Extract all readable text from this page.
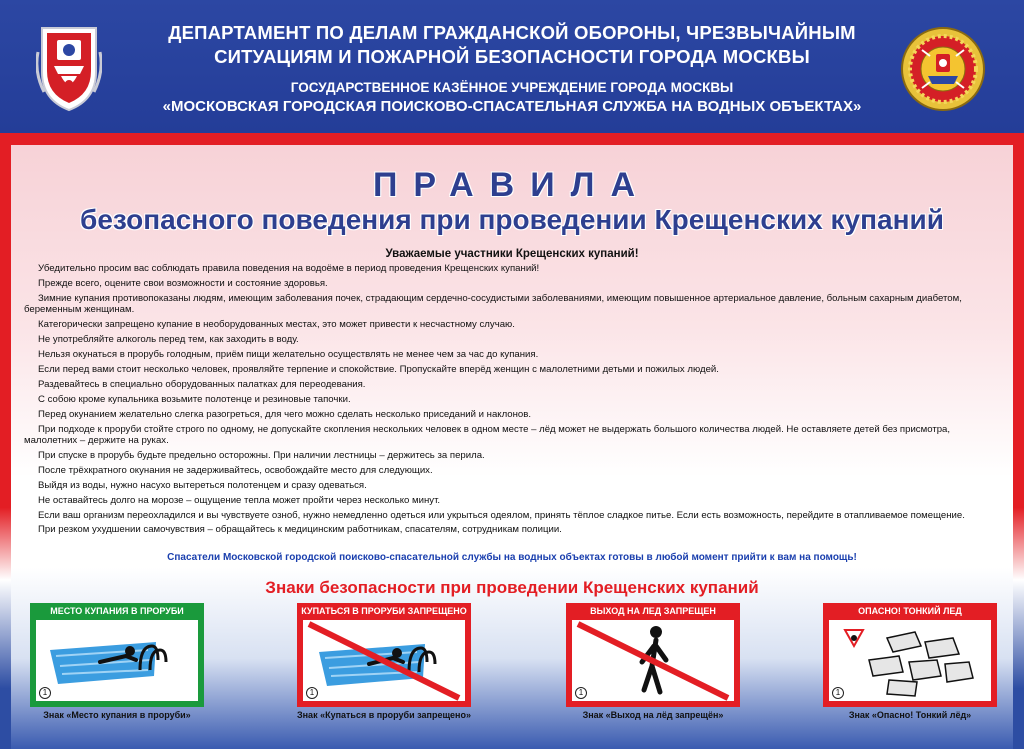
ДЕПАРТАМЕНТ ПО ДЕЛАМ ГРАЖДАНСКОЙ ОБОРОНЫ, ЧРЕЗВЫЧАЙНЫМ
СИТУАЦИЯМ И ПОЖАРНОЙ БЕЗОПАСНОСТИ ГОРОДА МОСКВЫ
ГОСУДАРСТВЕННОЕ КАЗЁННОЕ УЧРЕЖДЕНИЕ ГОРОДА МОСКВЫ
«МОСКОВСКАЯ ГОРОДСКАЯ ПОИСКОВО-СПАСАТЕЛЬНАЯ СЛУЖБА НА ВОДНЫХ ОБЪЕКТАХ»
ПРАВИЛА
безопасного поведения при проведении Крещенских купаний
Уважаемые участники Крещенских купаний!

Убедительно просим вас соблюдать правила поведения на водоёме в период проведения Крещенских купаний!

Прежде всего, оцените свои возможности и состояние здоровья.

Зимние купания противопоказаны людям, имеющим заболевания почек, страдающим сердечно-сосудистыми заболеваниями, имеющим повышенное артериальное давление, больным сахарным диабетом, беременным женщинам.

Категорически запрещено купание в необорудованных местах, это может привести к несчастному случаю.

Не употребляйте алкоголь перед тем, как заходить в воду.

Нельзя окунаться в прорубь голодным, приём пищи желательно осуществлять не менее чем за час до купания.

Если перед вами стоит несколько человек, проявляйте терпение и спокойствие. Пропускайте вперёд женщин с малолетними детьми и пожилых людей.

Раздевайтесь в специально оборудованных палатках для переодевания.

С собою кроме купальника возьмите полотенце и резиновые тапочки.

Перед окунанием желательно слегка разогреться, для чего можно сделать несколько приседаний и наклонов.

При подходе к проруби стойте строго по одному, не допускайте скопления нескольких человек в одном месте – лёд может не выдержать большого количества людей. Не оставляете детей без присмотра, малолетних – держите на руках.

При спуске в прорубь будьте предельно осторожны. При наличии лестницы – держитесь за перила.

После трёхкратного окунания не задерживайтесь, освобождайте место для следующих.

Выйдя из воды, нужно насухо вытереться полотенцем и сразу одеваться.

Не оставайтесь долго на морозе – ощущение тепла может пройти через несколько минут.

Если ваш организм переохладился и вы чувствуете озноб, нужно немедленно одеться или укрыться одеялом, принять тёплое сладкое питье. Если есть возможность, перейдите в отапливаемое помещение.

При резком ухудшении самочувствия – обращайтесь к медицинским работникам, спасателям, сотрудникам полиции.

Спасатели Московской городской поисково-спасательной службы на водных объектах готовы в любой момент прийти к вам на помощь!
Знаки безопасности при проведении Крещенских купаний
МЕСТО КУПАНИЯ В ПРОРУБИ
1
Знак «Место купания в проруби»
КУПАТЬСЯ В ПРОРУБИ ЗАПРЕЩЕНО
1
Знак «Купаться в проруби запрещено»
ВЫХОД НА ЛЕД ЗАПРЕЩЕН
1
Знак «Выход на лёд запрещён»
ОПАСНО! ТОНКИЙ ЛЕД
1
Знак «Опасно! Тонкий лёд»
